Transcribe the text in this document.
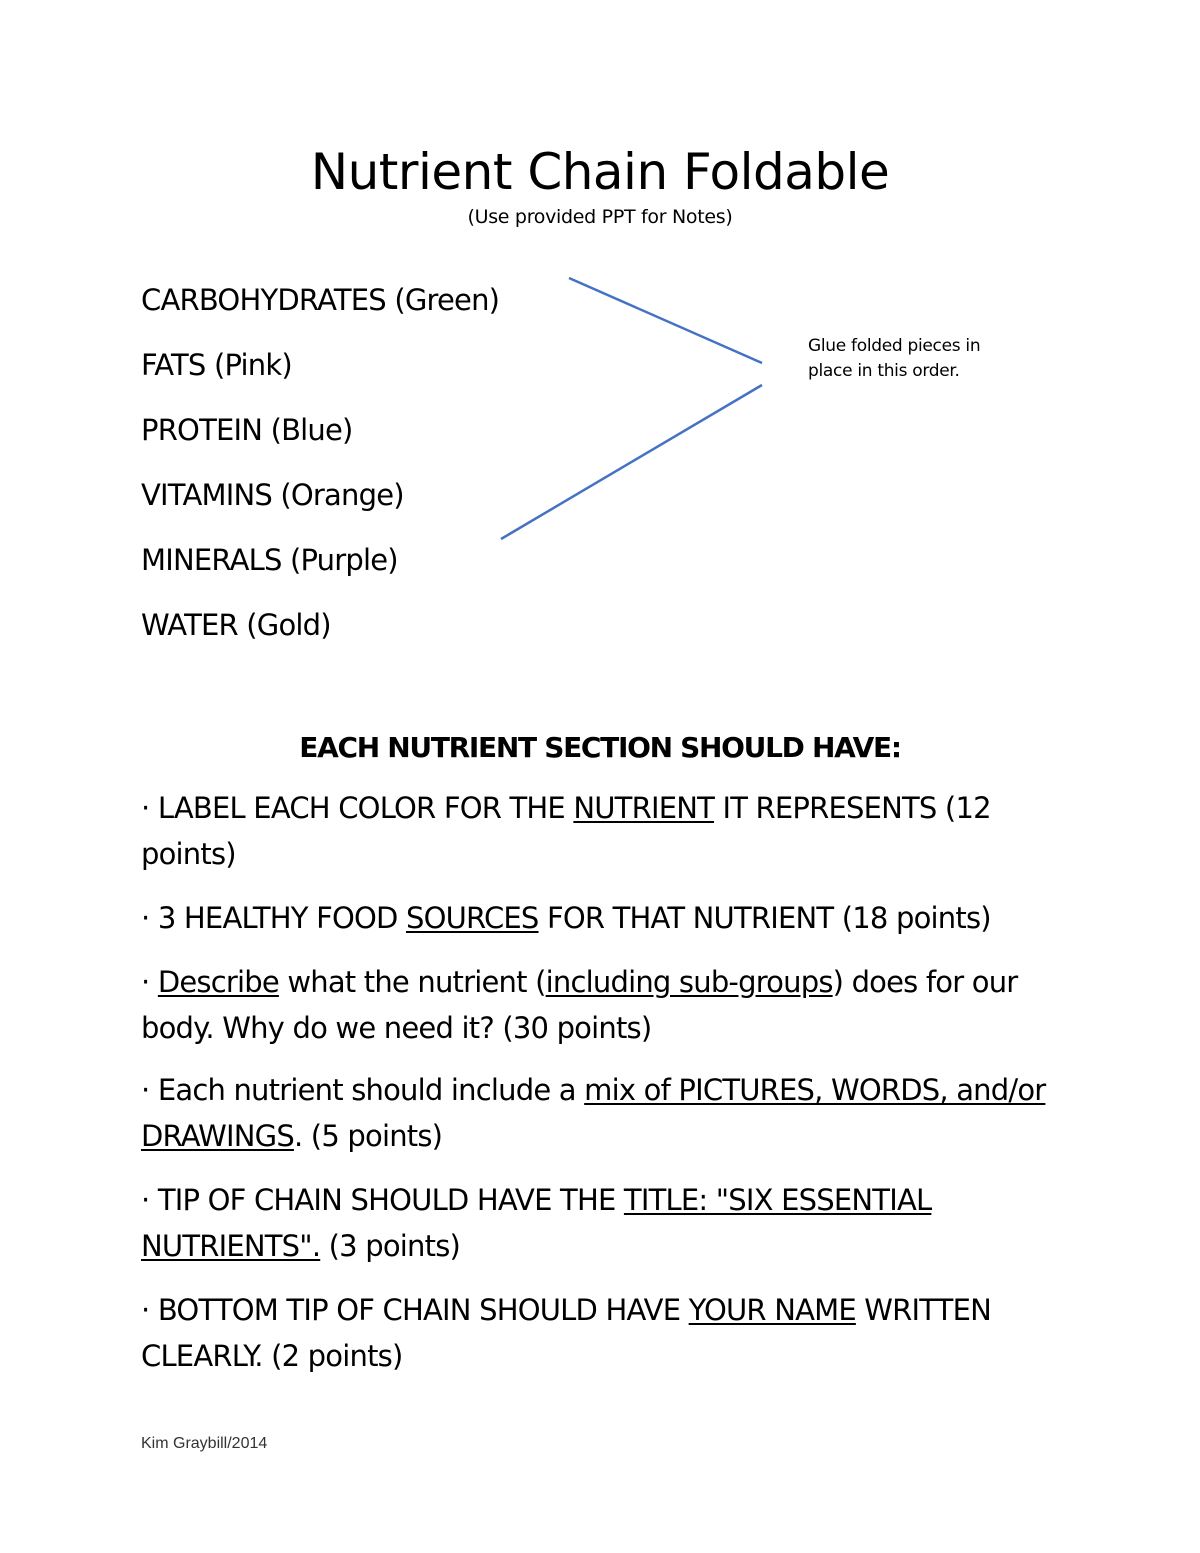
Nutrient Chain Foldable
(Use provided PPT for Notes)
CARBOHYDRATES (Green)
FATS (Pink)
PROTEIN (Blue)
VITAMINS (Orange)
MINERALS (Purple)
WATER (Gold)
Glue folded pieces in place in this order.
EACH NUTRIENT SECTION SHOULD HAVE:
· LABEL EACH COLOR FOR THE NUTRIENT IT REPRESENTS (12 points)
· 3 HEALTHY FOOD SOURCES FOR THAT NUTRIENT (18 points)
· Describe what the nutrient (including sub-groups) does for our body. Why do we need it? (30 points)
· Each nutrient should include a mix of PICTURES, WORDS, and/or DRAWINGS. (5 points)
· TIP OF CHAIN SHOULD HAVE THE TITLE: "SIX ESSENTIAL NUTRIENTS". (3 points)
· BOTTOM TIP OF CHAIN SHOULD HAVE YOUR NAME WRITTEN CLEARLY. (2 points)
Kim Graybill/2014
